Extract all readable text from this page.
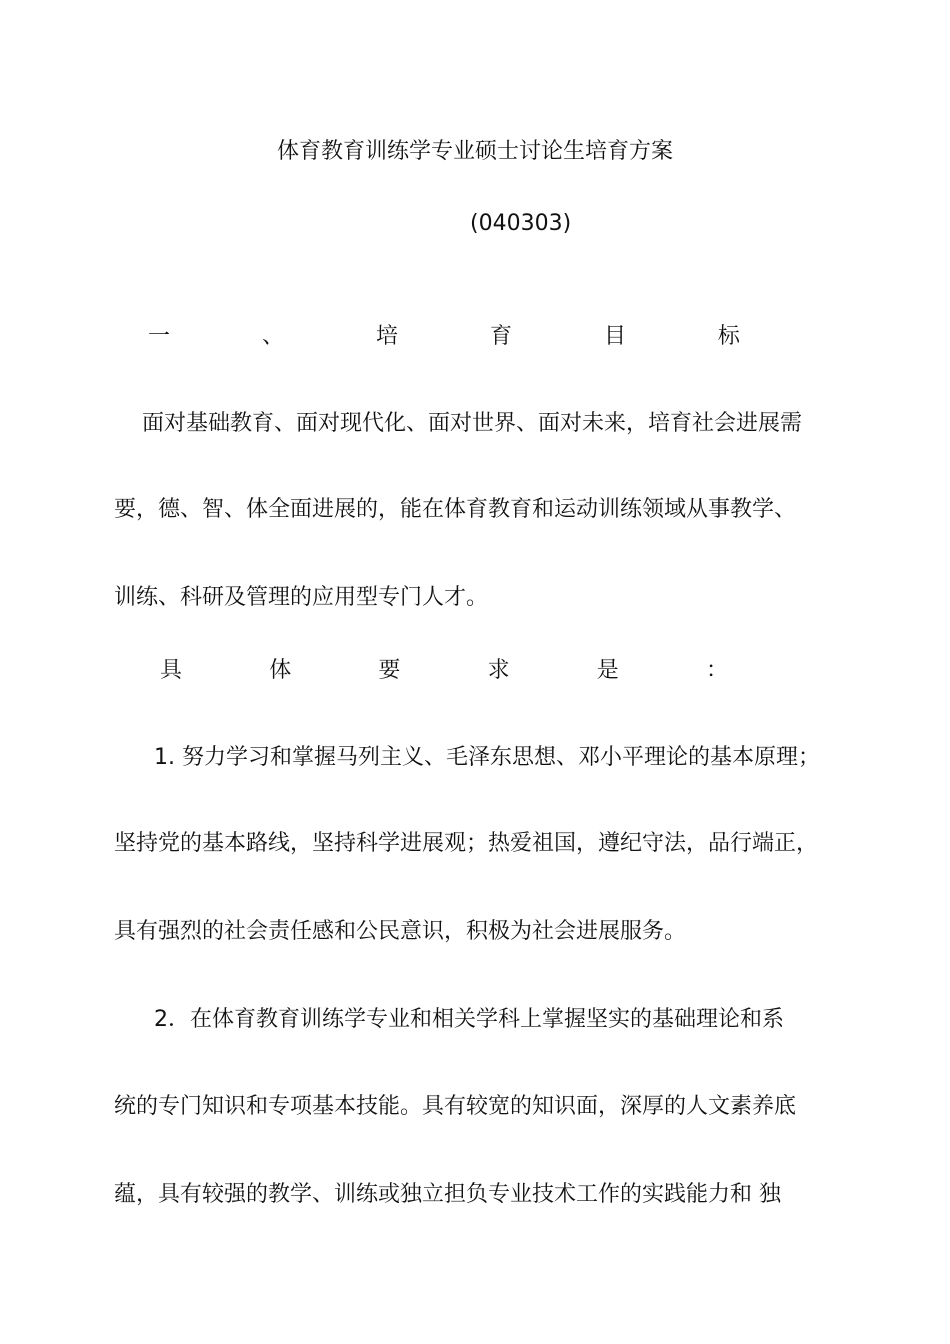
体育教育训练学专业硕士讨论生培育方案
(040303)
一	、	培	育	目	标
面对基础教育、面对现代化、面对世界、面对未来，培育社会进展需
要，德、智、体全面进展的，能在体育教育和运动训练领域从事教学、
训练、科研及管理的应用型专门人才。
具	体	要	求	是	：
1. 努力学习和掌握马列主义、毛泽东思想、邓小平理论的基本原理；
坚持党的基本路线，坚持科学进展观；热爱祖国，遵纪守法，品行端正，
具有强烈的社会责任感和公民意识，积极为社会进展服务。
2．在体育教育训练学专业和相关学科上掌握坚实的基础理论和系
统的专门知识和专项基本技能。具有较宽的知识面，深厚的人文素养底
蕴，具有较强的教学、训练或独立担负专业技术工作的实践能力和 独
